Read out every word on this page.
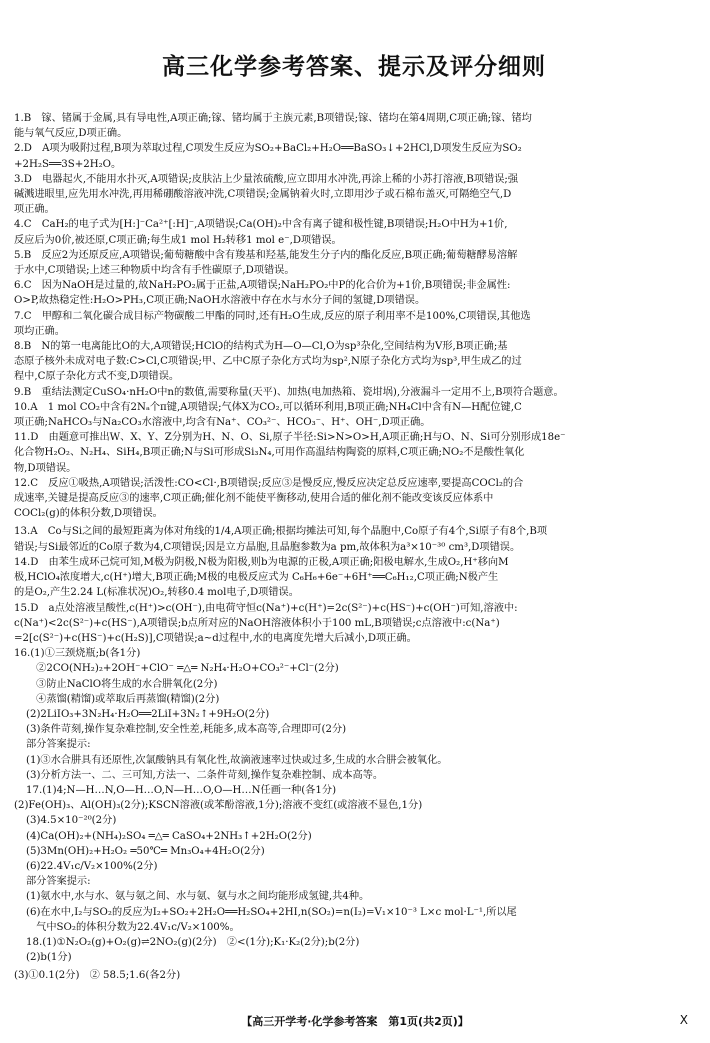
高三化学参考答案、提示及评分细则
1.B　镓、锗属于金属,具有导电性,A项正确;镓、锗均属于主族元素,B项错误;镓、锗均在第4周期,C项正确;镓、锗均
能与氧气反应,D项正确。
2.D　A项为吸附过程,B项为萃取过程,C项发生反应为SO₂+BaCl₂+H₂O══BaSO₃↓+2HCl,D项发生反应为SO₂
+2H₂S══3S+2H₂O。
3.D　电器起火,不能用水扑灭,A项错误;皮肤沾上少量浓硫酸,应立即用水冲洗,再涂上稀的小苏打溶液,B项错误;强
碱溅进眼里,应先用水冲洗,再用稀硼酸溶液冲洗,C项错误;金属钠着火时,立即用沙子或石棉布盖灭,可隔绝空气,D
项正确。
4.C　CaH₂的电子式为[H:]⁻Ca²⁺[:H]⁻,A项错误;Ca(OH)₂中含有离子键和极性键,B项错误;H₂O中H为+1价,
反应后为0价,被还原,C项正确;每生成1 mol H₂转移1 mol e⁻,D项错误。
5.B　反应2为还原反应,A项错误;葡萄糖酸中含有羧基和羟基,能发生分子内的酯化反应,B项正确;葡萄糖酵易溶解
于水中,C项错误;上述三种物质中均含有手性碳原子,D项错误。
6.C　因为NaOH是过量的,故NaH₂PO₂属于正盐,A项错误;NaH₂PO₂中P的化合价为+1价,B项错误;非金属性:
O>P,故热稳定性:H₂O>PH₃,C项正确;NaOH水溶液中存在水与水分子间的氢键,D项错误。
7.C　甲醇和二氧化碳合成目标产物碳酸二甲酯的同时,还有H₂O生成,反应的原子利用率不是100%,C项错误,其他选
项均正确。
8.B　N的第一电离能比O的大,A项错误;HClO的结构式为H—O—Cl,O为sp³杂化,空间结构为V形,B项正确;基
态原子核外未成对电子数:C>Cl,C项错误;甲、乙中C原子杂化方式均为sp²,N原子杂化方式均为sp³,甲生成乙的过
程中,C原子杂化方式不变,D项错误。
9.B　重结法测定CuSO₄·nH₂O中n的数值,需要称量(天平)、加热(电加热箱、瓷坩埚),分液漏斗一定用不上,B项符合题意。
10.A　1 mol CO₂中含有2Nₐ个π键,A项错误;气体X为CO₂,可以循环利用,B项正确;NH₄Cl中含有N—H配位键,C
项正确;NaHCO₃与Na₂CO₃水溶液中,均含有Na⁺、CO₃²⁻、HCO₃⁻、H⁺、OH⁻,D项正确。
11.D　由题意可推出W、X、Y、Z分别为H、N、O、Si,原子半径:Si>N>O>H,A项正确;H与O、N、Si可分别形成18e⁻
化合物H₂O₂、N₂H₄、SiH₄,B项正确;N与Si可形成Si₃N₄,可用作高温结构陶瓷的原料,C项正确;NO₂不是酸性氧化
物,D项错误。
12.C　反应①吸热,A项错误;活泼性:CO<Cl·,B项错误;反应③是慢反应,慢反应决定总反应速率,要提高COCl₂的合
成速率,关键是提高反应③的速率,C项正确;催化剂不能使平衡移动,使用合适的催化剂不能改变该反应体系中
COCl₂(g)的体积分数,D项错误。
13.A　Co与Si之间的最短距离为体对角线的1/4,A项正确;根据均摊法可知,每个晶胞中,Co原子有4个,Si原子有8个,B项
错误;与Si最邻近的Co原子数为4,C项错误;因是立方晶胞,且晶胞参数为a pm,故体积为a³×10⁻³⁰ cm³,D项错误。
14.D　由苯生成环己烷可知,M极为阴极,N极为阳极,则b为电源的正极,A项正确;阳极电解水,生成O₂,H⁺移向M
极,HClO₄浓度增大,c(H⁺)增大,B项正确;M极的电极反应式为 C₆H₆+6e⁻+6H⁺══C₆H₁₂,C项正确;N极产生
的是O₂,产生2.24 L(标准状况)O₂,转移0.4 mol电子,D项错误。
15.D　a点处溶液呈酸性,c(H⁺)>c(OH⁻),由电荷守恒c(Na⁺)+c(H⁺)=2c(S²⁻)+c(HS⁻)+c(OH⁻)可知,溶液中:
c(Na⁺)<2c(S²⁻)+c(HS⁻),A项错误;b点所对应的NaOH溶液体积小于100 mL,B项错误;c点溶液中:c(Na⁺)
=2[c(S²⁻)+c(HS⁻)+c(H₂S)],C项错误;a~d过程中,水的电离度先增大后减小,D项正确。
16.(1)①三颈烧瓶;b(各1分)
　②2CO(NH₂)₂+2OH⁻+ClO⁻ ═△═ N₂H₄·H₂O+CO₃²⁻+Cl⁻(2分)
　③防止NaClO将生成的水合肼氧化(2分)
　④蒸馏(精馏)或萃取后再蒸馏(精馏)(2分)
(2)2LiIO₃+3N₂H₄·H₂O══2LiI+3N₂↑+9H₂O(2分)
(3)条件苛刻,操作复杂难控制,安全性差,耗能多,成本高等,合理即可(2分)
部分答案提示:
(1)③水合肼具有还原性,次氯酸钠具有氧化性,故滴液速率过快或过多,生成的水合肼会被氧化。
(3)分析方法一、二、三可知,方法一、二条件苛刻,操作复杂难控制、成本高等。
17.(1)4;N—H…N,O—H…O,N—H…O,O—H…N任画一种(各1分)
(2)Fe(OH)₃、Al(OH)₃(2分);KSCN溶液(或苯酚溶液,1分);溶液不变红(或溶液不显色,1分)
(3)4.5×10⁻²⁰(2分)
(4)Ca(OH)₂+(NH₄)₂SO₄ ═△═ CaSO₄+2NH₃↑+2H₂O(2分)
(5)3Mn(OH)₂+H₂O₂ ═50℃═ Mn₃O₄+4H₂O(2分)
(6)22.4V₁c/V₂×100%(2分)
部分答案提示:
(1)氨水中,水与水、氨与氨之间、水与氨、氨与水之间均能形成氢键,共4种。
(6)在水中,I₂与SO₂的反应为I₂+SO₂+2H₂O══H₂SO₄+2HI,n(SO₂)=n(I₂)=V₁×10⁻³ L×c mol·L⁻¹,所以尾
　气中SO₂的体积分数为22.4V₁c/V₂×100%。
18.(1)①N₂O₂(g)+O₂(g)⇌2NO₂(g)(2分)　②<(1分);K₁·K₂(2分);b(2分)
(2)b(1分)
(3)①0.1(2分)　② 58.5;1.6(各2分)
【高三开学考·化学参考答案　第1页(共2页)】	X
